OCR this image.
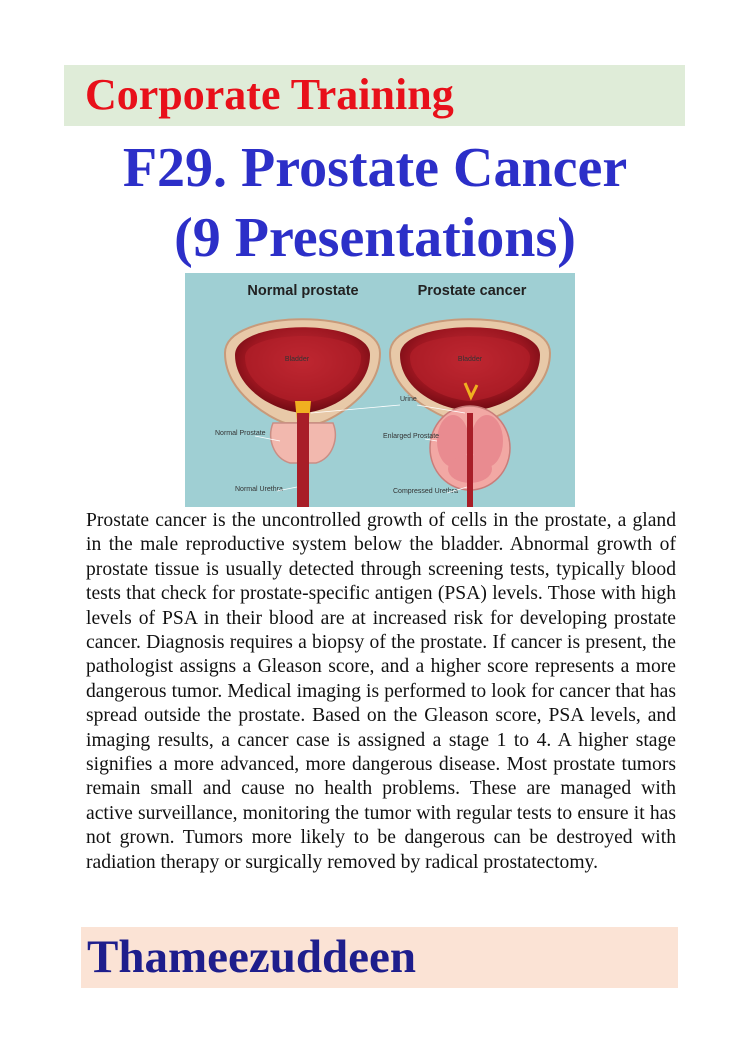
Corporate Training
F29. Prostate Cancer
(9 Presentations)
Normal prostate	Prostate cancer
Bladder	Bladder
Urine
Normal Prostate	Enlarged Prostate
Normal Urethra	Compressed Urethra

Prostate cancer is the uncontrolled growth of cells in the prostate, a gland in the male reproductive system below the bladder. Abnormal growth of prostate tissue is usually detected through screening tests, typically blood tests that check for prostate-specific antigen (PSA) levels. Those with high levels of PSA in their blood are at increased risk for developing prostate cancer. Diagnosis requires a biopsy of the prostate. If cancer is present, the pathologist assigns a Gleason score, and a higher score represents a more dangerous tumor. Medical imaging is performed to look for cancer that has spread outside the prostate. Based on the Gleason score, PSA levels, and imaging results, a cancer case is assigned a stage 1 to 4. A higher stage signifies a more advanced, more dangerous disease. Most prostate tumors remain small and cause no health problems. These are managed with active surveillance, monitoring the tumor with regular tests to ensure it has not grown. Tumors more likely to be dangerous can be destroyed with radiation therapy or surgically removed by radical prostatectomy.

Thameezuddeen
